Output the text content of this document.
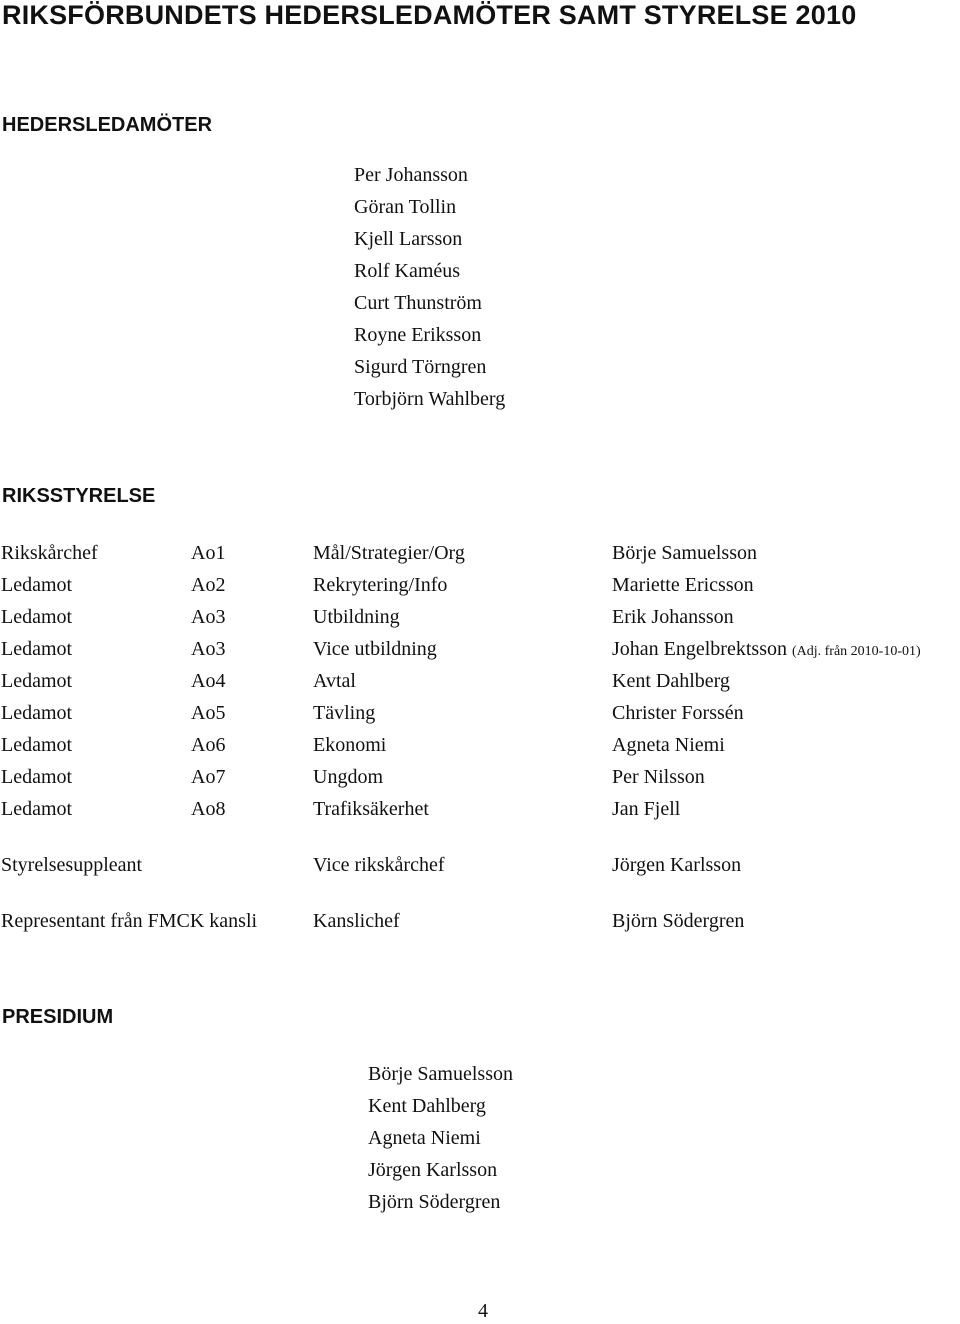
RIKSFÖRBUNDETS HEDERSLEDAMÖTER SAMT STYRELSE 2010
HEDERSLEDAMÖTER
Per Johansson
Göran Tollin
Kjell Larsson
Rolf Kaméus
Curt Thunström
Royne Eriksson
Sigurd Törngren
Torbjörn Wahlberg
RIKSSTYRELSE
Rikskårchef	Ao1	Mål/Strategier/Org	Börje Samuelsson
Ledamot	Ao2	Rekrytering/Info	Mariette Ericsson
Ledamot	Ao3	Utbildning	Erik Johansson
Ledamot	Ao3	Vice utbildning	Johan Engelbrektsson (Adj. från 2010-10-01)
Ledamot	Ao4	Avtal	Kent Dahlberg
Ledamot	Ao5	Tävling	Christer Forssén
Ledamot	Ao6	Ekonomi	Agneta Niemi
Ledamot	Ao7	Ungdom	Per Nilsson
Ledamot	Ao8	Trafiksäkerhet	Jan Fjell
Styrelsesuppleant	Vice rikskårchef	Jörgen Karlsson
Representant från FMCK kansli	Kanslichef	Björn Södergren
PRESIDIUM
Börje Samuelsson
Kent Dahlberg
Agneta Niemi
Jörgen Karlsson
Björn Södergren
4
